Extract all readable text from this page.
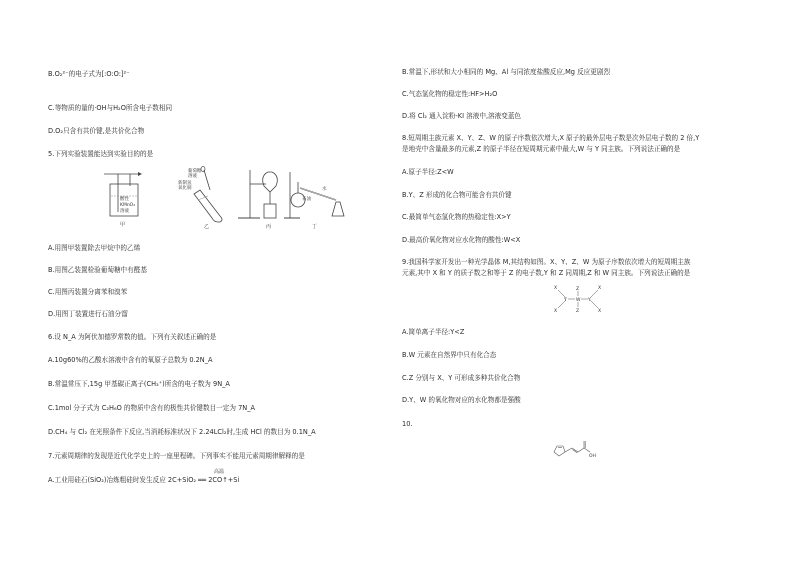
B.O₂²⁻的电子式为[:O:O:]²⁻
C.等物质的量的·OH与H₂O所含电子数相同
D.O₂只含有共价键,是共价化合物
5.下列实验装置能达到实验目的的是
酸性
KMnO₄
溶液
甲
葡萄糖
溶液
新制氢
氧化铜
乙	丙
石油
水
丁
A.用图甲装置除去甲烷中的乙烯
B.用图乙装置检验葡萄糖中有醛基
C.用图丙装置分离苯和溴苯
D.用图丁装置进行石油分馏
6.设 N_A 为阿伏加德罗常数的值。下列有关叙述正确的是
A.10g60%的乙酸水溶液中含有的氧原子总数为 0.2N_A
B.常温常压下,15g 甲基碳正离子(CH₃⁺)所含的电子数为 9N_A
C.1mol 分子式为 C₂H₆O 的物质中含有的极性共价键数目一定为 7N_A
D.CH₄ 与 Cl₂ 在光照条件下反应,当消耗标准状况下 2.24LCl₂时,生成 HCl 的数目为 0.1N_A
7.元素周期律的发现是近代化学史上的一座里程碑。下列事实不能用元素周期律解释的是
高温
A.工业用硅石(SiO₂)冶炼粗硅时发生反应 2C+SiO₂ ══ 2CO↑+Si
B.常温下,形状和大小相同的 Mg、Al 与同浓度盐酸反应,Mg 反应更剧烈
C.气态氢化物的稳定性:HF>H₂O
D.将 Cl₂ 通入淀粉-KI 溶液中,溶液变蓝色
8.短周期主族元素 X、Y、Z、W 的原子序数依次增大,X 原子的最外层电子数是次外层电子数的 2 倍,Y
是地壳中含量最多的元素,Z 的原子半径在短周期元素中最大,W 与 Y 同主族。下列说法正确的是
A.原子半径:Z<W
B.Y、Z 形成的化合物可能含有共价键
C.最简单气态氢化物的热稳定性:X>Y
D.最高价氧化物对应水化物的酸性:W<X
9.我国科学家开发出一种光学晶体 M,其结构如图。X、Y、Z、W 为原子序数依次增大的短周期主族
元素,其中 X 和 Y 的质子数之和等于 Z 的电子数,Y 和 Z 同周期,Z 和 W 同主族。下列说法正确的是
X
X
Y W
Z
Z
Y
X
X
A.简单离子半径:Y<Z
B.W 元素在自然界中只有化合态
C.Z 分别与 X、Y 可形成多种共价化合物
D.Y、W 的氧化物对应的水化物都是强酸
10.
OH
